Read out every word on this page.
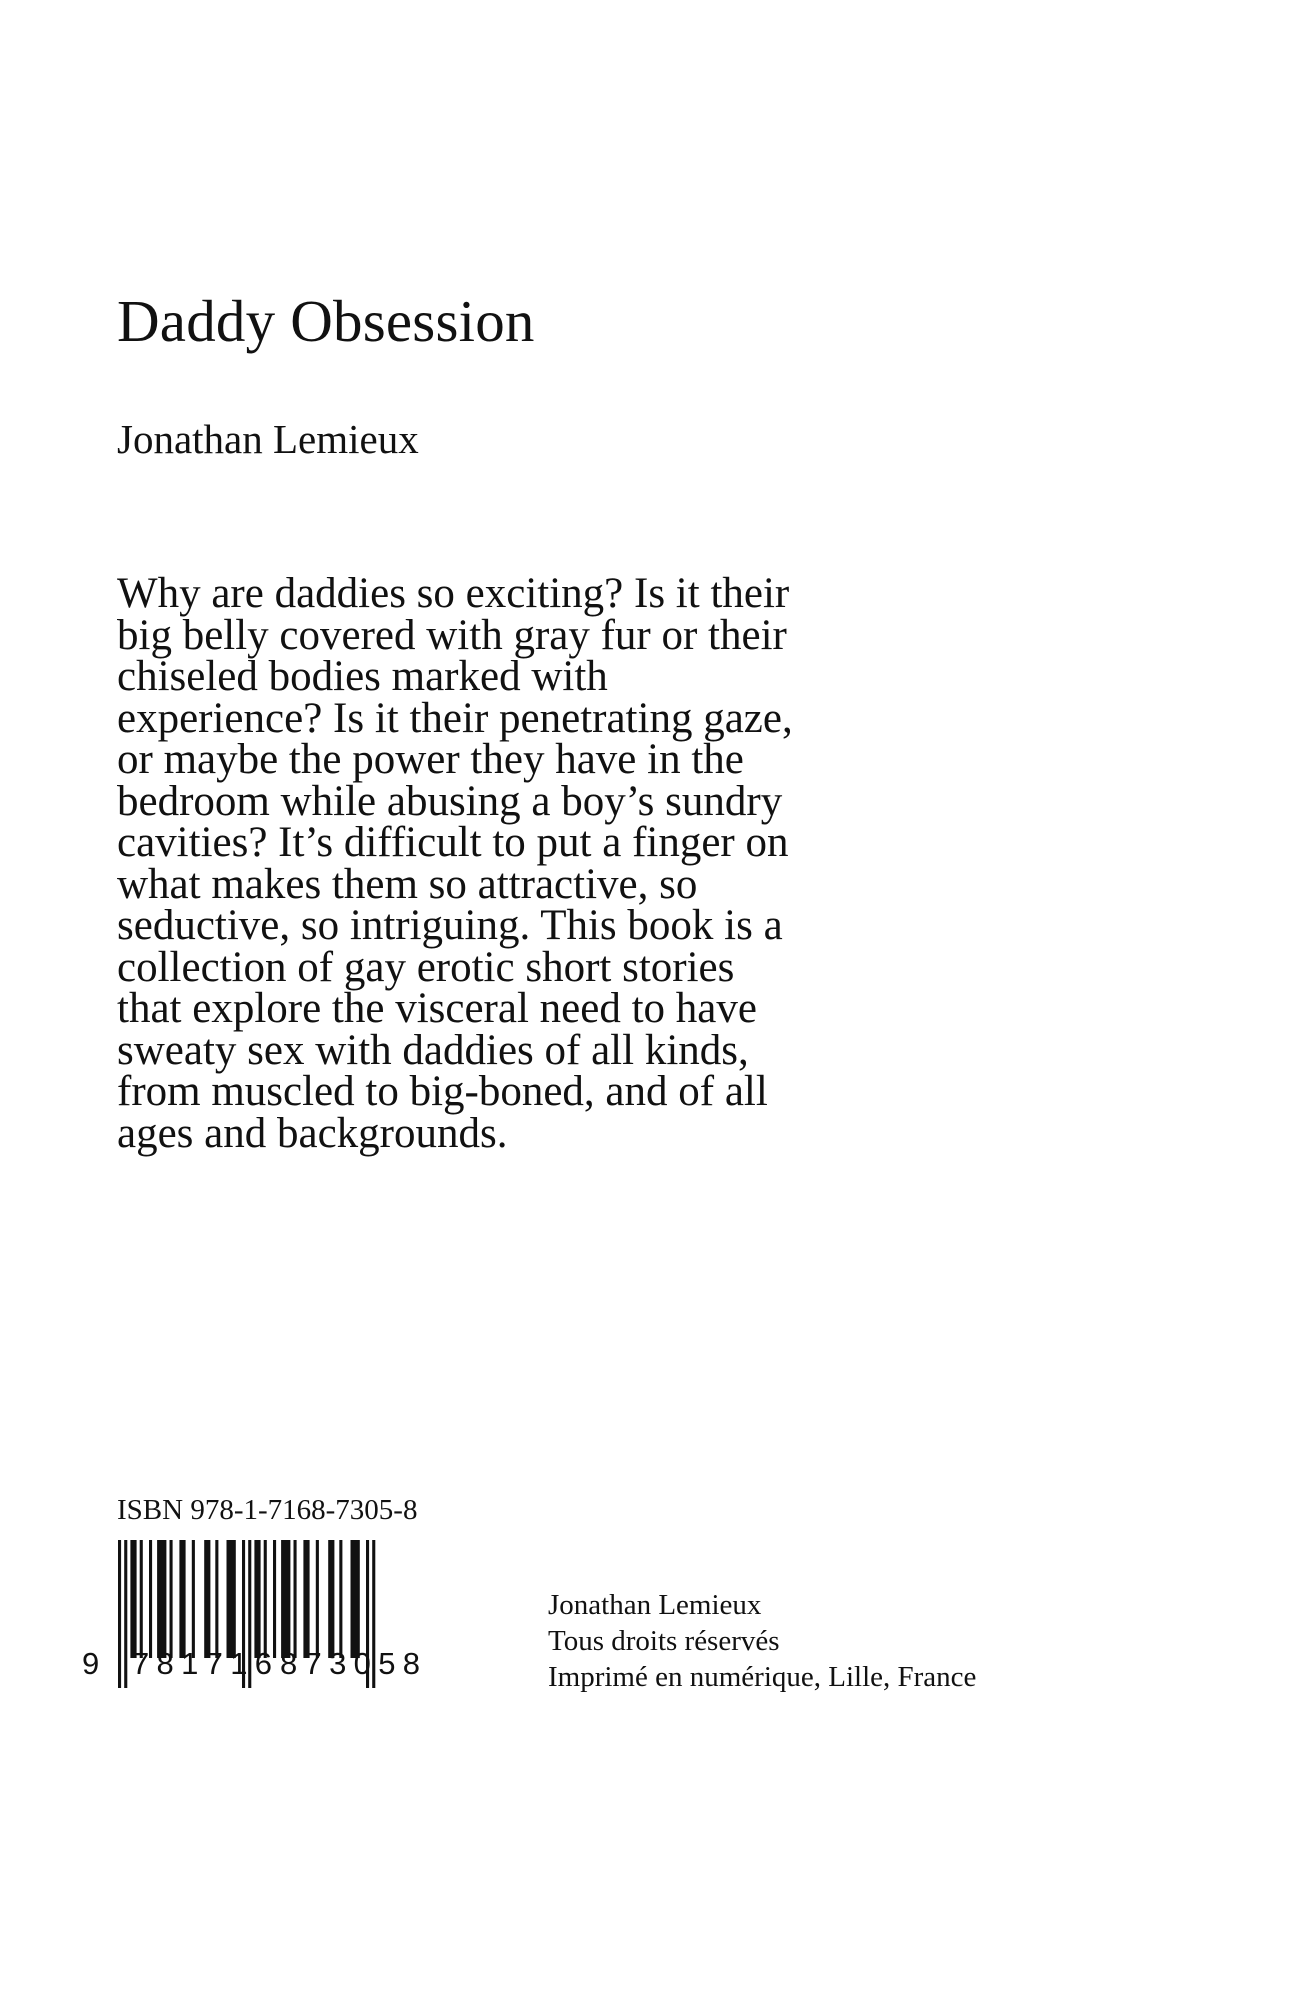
Daddy Obsession

Jonathan Lemieux

Why are daddies so exciting? Is it their
big belly covered with gray fur or their
chiseled bodies marked with
experience? Is it their penetrating gaze,
or maybe the power they have in the
bedroom while abusing a boy’s sundry
cavities? It’s difficult to put a finger on
what makes them so attractive, so
seductive, so intriguing. This book is a
collection of gay erotic short stories
that explore the visceral need to have
sweaty sex with daddies of all kinds,
from muscled to big-boned, and of all
ages and backgrounds.

ISBN 978-1-7168-7305-8

9 781716 873058
Jonathan Lemieux
Tous droits réservés
Imprimé en numérique, Lille, France
